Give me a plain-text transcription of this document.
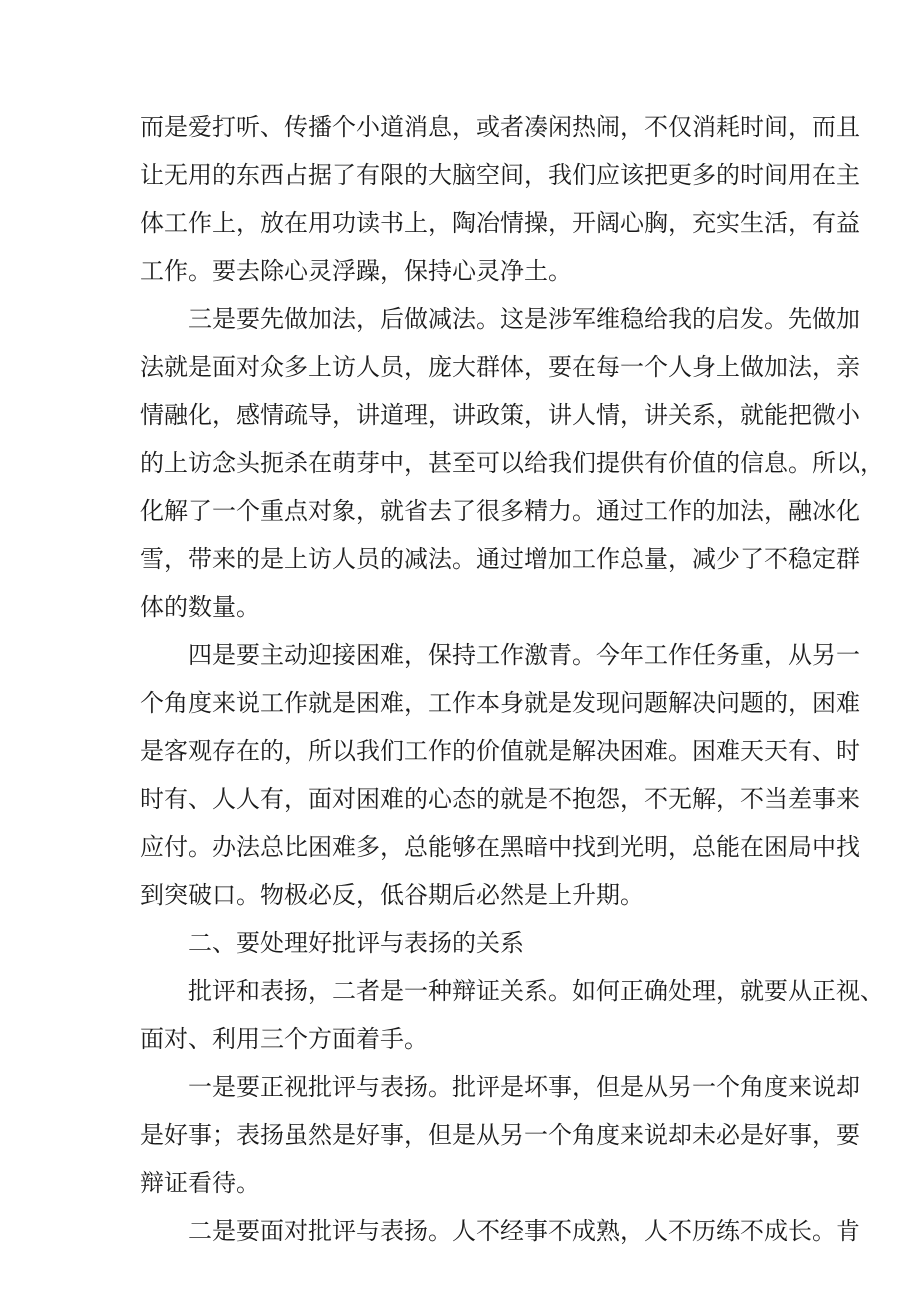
而是爱打听、传播个小道消息，或者凑闲热闹，不仅消耗时间，而且
让无用的东西占据了有限的大脑空间，我们应该把更多的时间用在主
体工作上，放在用功读书上，陶冶情操，开阔心胸，充实生活，有益
工作。要去除心灵浮躁，保持心灵净土。
三是要先做加法，后做减法。这是涉军维稳给我的启发。先做加
法就是面对众多上访人员，庞大群体，要在每一个人身上做加法，亲
情融化，感情疏导，讲道理，讲政策，讲人情，讲关系，就能把微小
的上访念头扼杀在萌芽中，甚至可以给我们提供有价值的信息。所以，
化解了一个重点对象，就省去了很多精力。通过工作的加法，融冰化
雪，带来的是上访人员的减法。通过增加工作总量，减少了不稳定群
体的数量。
四是要主动迎接困难，保持工作激青。今年工作任务重，从另一
个角度来说工作就是困难，工作本身就是发现问题解决问题的，困难
是客观存在的，所以我们工作的价值就是解决困难。困难天天有、时
时有、人人有，面对困难的心态的就是不抱怨，不无解，不当差事来
应付。办法总比困难多，总能够在黑暗中找到光明，总能在困局中找
到突破口。物极必反，低谷期后必然是上升期。
二、要处理好批评与表扬的关系
批评和表扬，二者是一种辩证关系。如何正确处理，就要从正视、
面对、利用三个方面着手。
一是要正视批评与表扬。批评是坏事，但是从另一个角度来说却
是好事；表扬虽然是好事，但是从另一个角度来说却未必是好事，要
辩证看待。
二是要面对批评与表扬。人不经事不成熟，人不历练不成长。肯
